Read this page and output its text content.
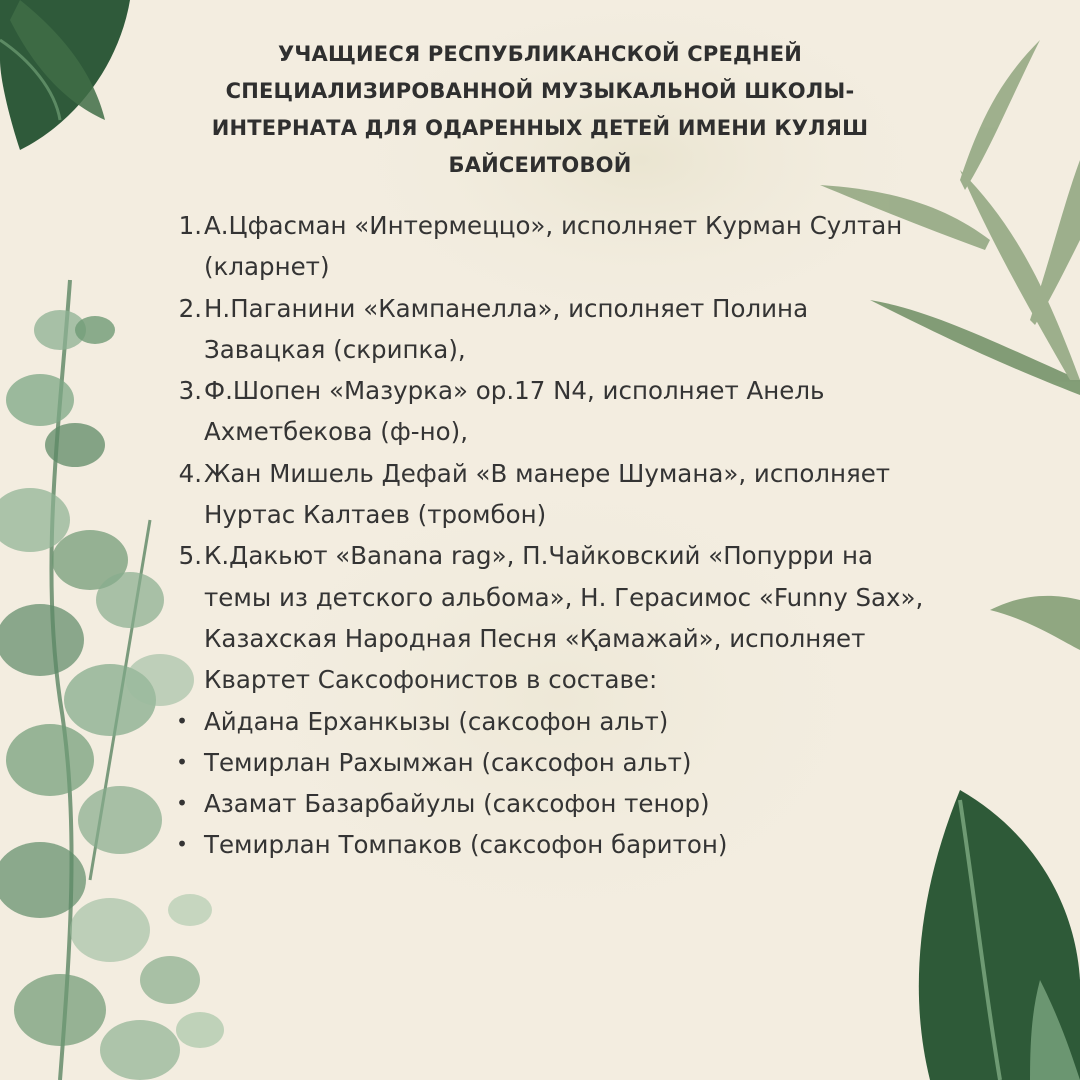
УЧАЩИЕСЯ РЕСПУБЛИКАНСКОЙ СРЕДНЕЙ СПЕЦИАЛИЗИРОВАННОЙ МУЗЫКАЛЬНОЙ ШКОЛЫ-ИНТЕРНАТА ДЛЯ ОДАРЕННЫХ ДЕТЕЙ ИМЕНИ КУЛЯШ БАЙСЕИТОВОЙ
1. А.Цфасман «Интермеццо», исполняет Курман Султан (кларнет)
2. Н.Паганини «Кампанелла», исполняет Полина Завацкая (скрипка),
3. Ф.Шопен «Мазурка» ор.17 N4, исполняет Анель Ахметбекова (ф-но),
4. Жан Мишель Дефай «В манере Шумана», исполняет Нуртас Калтаев (тромбон)
5. К.Дакьют «Banana rag», П.Чайковский «Попурри на темы из детского альбома», Н. Герасимос «Funny Sax», Казахская Народная Песня «Қамажай», исполняет Квартет Саксофонистов в составе:
• Айдана Ерханкызы (саксофон альт)
• Темирлан Рахымжан (саксофон альт)
• Азамат Базарбайулы (саксофон тенор)
• Темирлан Томпаков (саксофон баритон)
